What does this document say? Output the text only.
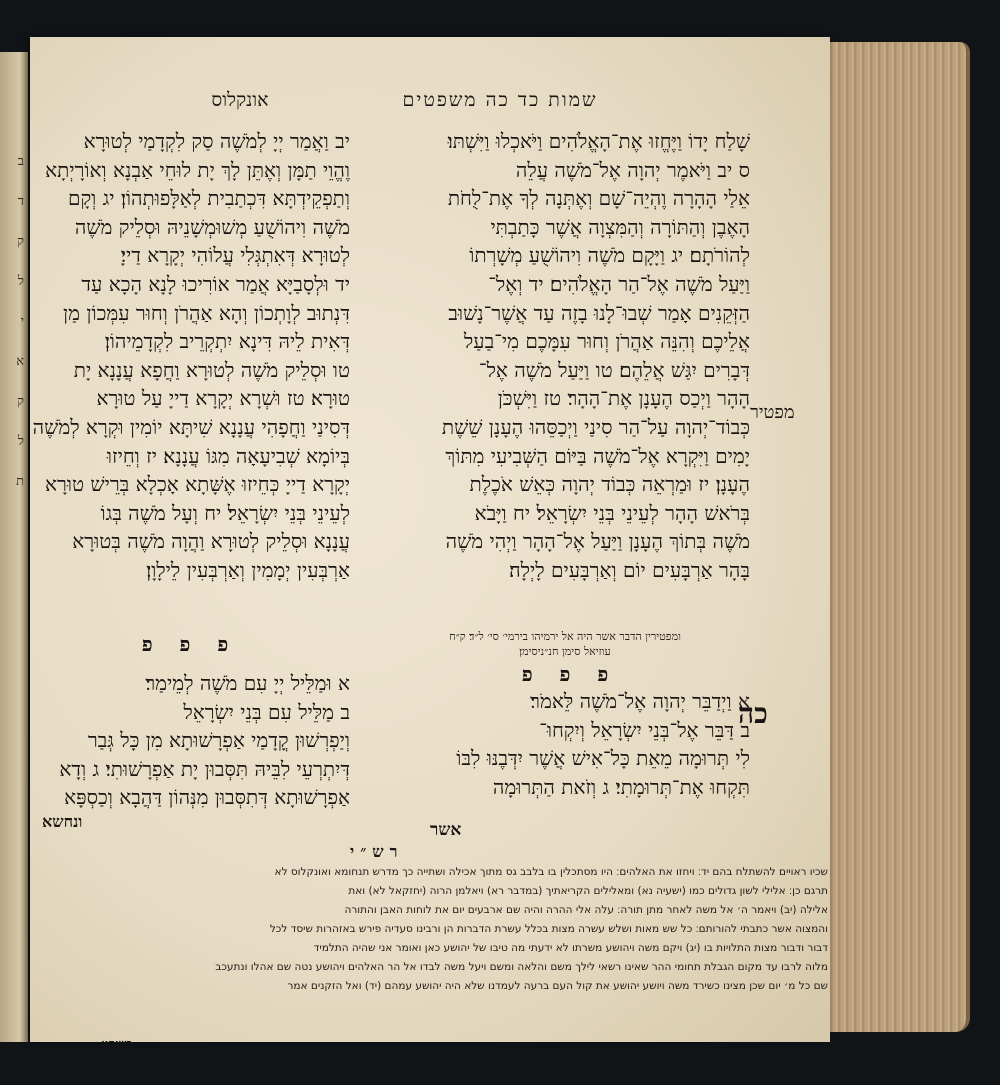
ב
ד
ק
ל
י
א
ק
ל
ת
אונקלוס	שמות כד כה משפטים
יב וַאֲמַר יְיָ לְמֹשֶׁה סַק לִקְדָמַי לְטוּרָא
וֶהֱוֵי תַמָּן וְאֶתֵּן לָךְ יָת לוּחֵי אַבְנָא וְאוֹרָיְתָא
וְתַפְקֵידְתָּא דִּכְתַבִית לְאַלָּפוּתְהוֹן׃ יג וְקָם
מֹשֶׁה וִיהוֹשֻׁעַ מְשׁוּמְשָׁנֵיהּ וּסְלֵיק מֹשֶׁה
לְטוּרָא דְּאִתְגְּלִי עֲלוֹהִי יְקָרָא דַייָ׃
יד וּלְסָבַיָּא אֲמַר אוֹרִיכוּ לָנָא הָכָא עַד
דִּנְתוּב לְוָתְכוֹן וְהָא אַהֲרֹן וְחוּר עִמְּכוֹן מַן
דְּאִית לֵיהּ דִּינָא יִתְקְרֵיב לִקְדָמֵיהוֹן׃
טו וּסְלֵיק מֹשֶׁה לְטוּרָא וַחֲפָא עֲנָנָא יָת
טוּרָא׃ טז וּשְׁרָא יְקָרָא דַייָ עַל טוּרָא
דְּסִינַי וַחֲפָהִי עֲנָנָא שִׁיתָּא יוֹמִין וּקְרָא לְמֹשֶׁה
בְּיוֹמָא שְׁבִיעָאָה מִגּוֹ עֲנָנָא׃ יז וְחֵיזוּ
יְקָרָא דַייָ כְּחֵיזוּ אֶשָּׁתָא אָכְלָא בְּרֵישׁ טוּרָא
לְעֵינֵי בְּנֵי יִשְׂרָאֵל׃ יח וְעָל מֹשֶׁה בְּגוֹ
עֲנָנָא וּסְלֵיק לְטוּרָא וַהֲוָה מֹשֶׁה בְּטוּרָא
אַרְבְּעִין יְמָמִין וְאַרְבְּעִין לֵילָוָן׃
שָׁלַח יָדוֹ וַיֶּחֱזוּ אֶת־הָאֱלֹהִים וַיֹּאכְלוּ וַיִּשְׁתּוּ׃
ס יב וַיֹּאמֶר יְהוָה אֶל־מֹשֶׁה עֲלֵה
אֵלַי הָהָרָה וֶהְיֵה־שָׁם וְאֶתְּנָה לְךָ אֶת־לֻחֹת
הָאֶבֶן וְהַתּוֹרָה וְהַמִּצְוָה אֲשֶׁר כָּתַבְתִּי
לְהוֹרֹתָם׃ יג וַיָּקָם מֹשֶׁה וִיהוֹשֻׁעַ מְשָׁרְתוֹ
וַיַּעַל מֹשֶׁה אֶל־הַר הָאֱלֹהִים׃ יד וְאֶל־
הַזְּקֵנִים אָמַר שְׁבוּ־לָנוּ בָזֶה עַד אֲשֶׁר־נָשׁוּב
אֲלֵיכֶם וְהִנֵּה אַהֲרֹן וְחוּר עִמָּכֶם מִי־בַעַל
דְּבָרִים יִגַּשׁ אֲלֵהֶם׃ טו וַיַּעַל מֹשֶׁה אֶל־
הָהָר וַיְכַס הֶעָנָן אֶת־הָהָר׃ טז וַיִּשְׁכֹּן
כְּבוֹד־יְהוָה עַל־הַר סִינַי וַיְכַסֵּהוּ הֶעָנָן שֵׁשֶׁת
יָמִים וַיִּקְרָא אֶל־מֹשֶׁה בַּיּוֹם הַשְּׁבִיעִי מִתּוֹךְ
הֶעָנָן׃ יז וּמַרְאֵה כְּבוֹד יְהוָה כְּאֵשׁ אֹכֶלֶת
בְּרֹאשׁ הָהָר לְעֵינֵי בְּנֵי יִשְׂרָאֵל׃ יח וַיָּבֹא
מֹשֶׁה בְּתוֹךְ הֶעָנָן וַיַּעַל אֶל־הָהָר וַיְהִי מֹשֶׁה
בָּהָר אַרְבָּעִים יוֹם וְאַרְבָּעִים לָיְלָה׃
מפטיר
ומפטירין הדבר אשר היה אל ירמיהו בירמי׳ סי׳ ל״ד׃ ק״ח
עוזיאל סימן חנ״ניסימן׃
פ פ פ
פ פ פ
כה
א וּמַלֵּיל יְיָ עִם מֹשֶׁה לְמֵימַר׃
ב מַלֵּיל עִם בְּנֵי יִשְׂרָאֵל
וְיַפְרְשׁוּן קֳדָמַי אַפְרָשׁוּתָא מִן כָּל גְּבַר
דְּיִתְרְעֵי לִבֵּיהּ תִּסְּבוּן יָת אַפְרָשׁוּתִי׃ ג וְדָא
אַפְרָשׁוּתָא דְּתִסְּבוּן מִנְּהוֹן דַּהֲבָא וְכַסְפָּא
א וַיְדַבֵּר יְהוָה אֶל־מֹשֶׁה לֵּאמֹר׃
ב דַּבֵּר אֶל־בְּנֵי יִשְׂרָאֵל וְיִקְחוּ־
לִי תְּרוּמָה מֵאֵת כָּל־אִישׁ אֲשֶׁר יִדְּבֶנּוּ לִבּוֹ
תִּקְחוּ אֶת־תְּרוּמָתִי׃ ג וְזֹאת הַתְּרוּמָה
ונחשא	אשר
רש״י
שכיו ראויים להשתלח בהם יד׃ ויחזו את האלהים׃ היו מסתכלין בו בלבב גס מתוך אכילה ושתייה כך מדרש תנחומא ואונקלוס לא
תרגם כן׃ אלילי לשון גדולים כמו (ישעיה נא) ומאלילים הקריאתיך (במדבר רא) ויאלמן הרוה (יחזקאל לא) ואת
אלילה (יב) ויאמר ה׳ אל משה לאחר מתן תורה׃ עלה אלי ההרה והיה שם ארבעים יום את לוחות האבן והתורה
והמצוה אשר כתבתי להורותם׃ כל שש מאות ושלש עשרה מצות בכלל עשרת הדברות הן ורבינו סעדיה פירש באזהרות שיסד לכל
דבור ודבור מצות התלויות בו (יג) ויקם משה ויהושע משרתו לא ידעתי מה טיבו של יהושע כאן ואומר אני שהיה התלמיד
מלוה לרבו עד מקום הגבלת תחומי ההר שאינו רשאי לילך משם והלאה ומשם ויעל משה לבדו אל הר האלהים ויהושע נטה שם אהלו ונתעכב
שם כל מ׳ יום שכן מצינו כשירד משה ויושע יהושע את קול העם ברעה לעמדנו שלא היה יהושע עמהם (יד) ואל הזקנים אמר
כשנתנו
